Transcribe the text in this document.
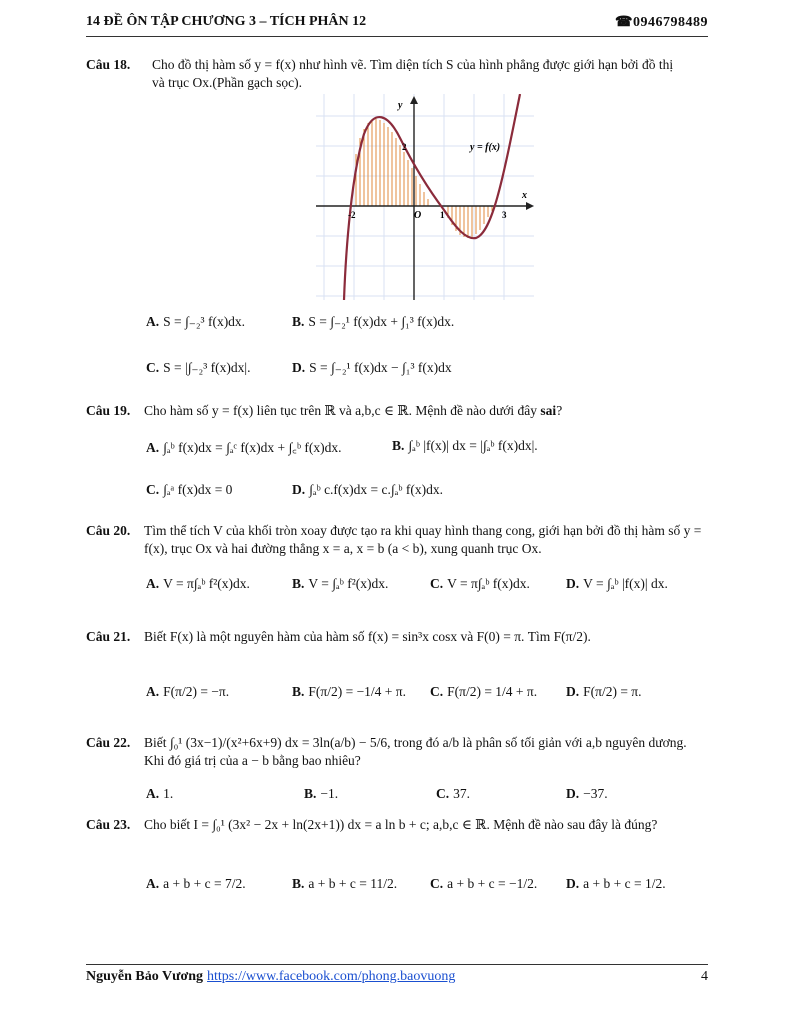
14 ĐỀ ÔN TẬP CHƯƠNG 3 – TÍCH PHÂN 12	☎0946798489
Câu 18. Cho đồ thị hàm số y = f(x) như hình vẽ. Tìm diện tích S của hình phẳng được giới hạn bởi đồ thị và trục Ox.(Phần gạch sọc).
y = f(x)
y
x
O
-2
2
1	3
A. S = ∫₋₂³ f(x)dx.	B. S = ∫₋₂¹ f(x)dx + ∫₁³ f(x)dx.
C. S = |∫₋₂³ f(x)dx|.	D. S = ∫₋₂¹ f(x)dx − ∫₁³ f(x)dx
Câu 19. Cho hàm số y = f(x) liên tục trên ℝ và a,b,c ∈ ℝ. Mệnh đề nào dưới đây sai?
A. ∫ₐᵇ f(x)dx = ∫ₐᶜ f(x)dx + ∫꜀ᵇ f(x)dx.	B. ∫ₐᵇ |f(x)| dx = |∫ₐᵇ f(x)dx|.
C. ∫ₐᵃ f(x)dx = 0	D. ∫ₐᵇ c.f(x)dx = c.∫ₐᵇ f(x)dx.
Câu 20. Tìm thể tích V của khối tròn xoay được tạo ra khi quay hình thang cong, giới hạn bởi đồ thị hàm số y = f(x), trục Ox và hai đường thẳng x = a, x = b (a < b), xung quanh trục Ox.
A. V = π∫ₐᵇ f²(x)dx.	B. V = ∫ₐᵇ f²(x)dx.	C. V = π∫ₐᵇ f(x)dx.	D. V = ∫ₐᵇ |f(x)| dx.
Câu 21. Biết F(x) là một nguyên hàm của hàm số f(x) = sin³x cosx và F(0) = π. Tìm F(π/2).
A. F(π/2) = −π.	B. F(π/2) = −1/4 + π. C. F(π/2) = 1/4 + π. D. F(π/2) = π.
Câu 22. Biết ∫₀¹ (3x−1)/(x²+6x+9) dx = 3ln(a/b) − 5/6, trong đó a/b là phân số tối giản với a,b nguyên dương. Khi đó giá trị của a − b bằng bao nhiêu?
A. 1.	B. −1.	C. 37.	D. −37.
Câu 23. Cho biết I = ∫₀¹ (3x² − 2x + ln(2x+1)) dx = a ln b + c; a,b,c ∈ ℝ. Mệnh đề nào sau đây là đúng?
A. a + b + c = 7/2.	B. a + b + c = 11/2. C. a + b + c = −1/2. D. a + b + c = 1/2.
Nguyễn Bảo Vương https://www.facebook.com/phong.baovuong	4
